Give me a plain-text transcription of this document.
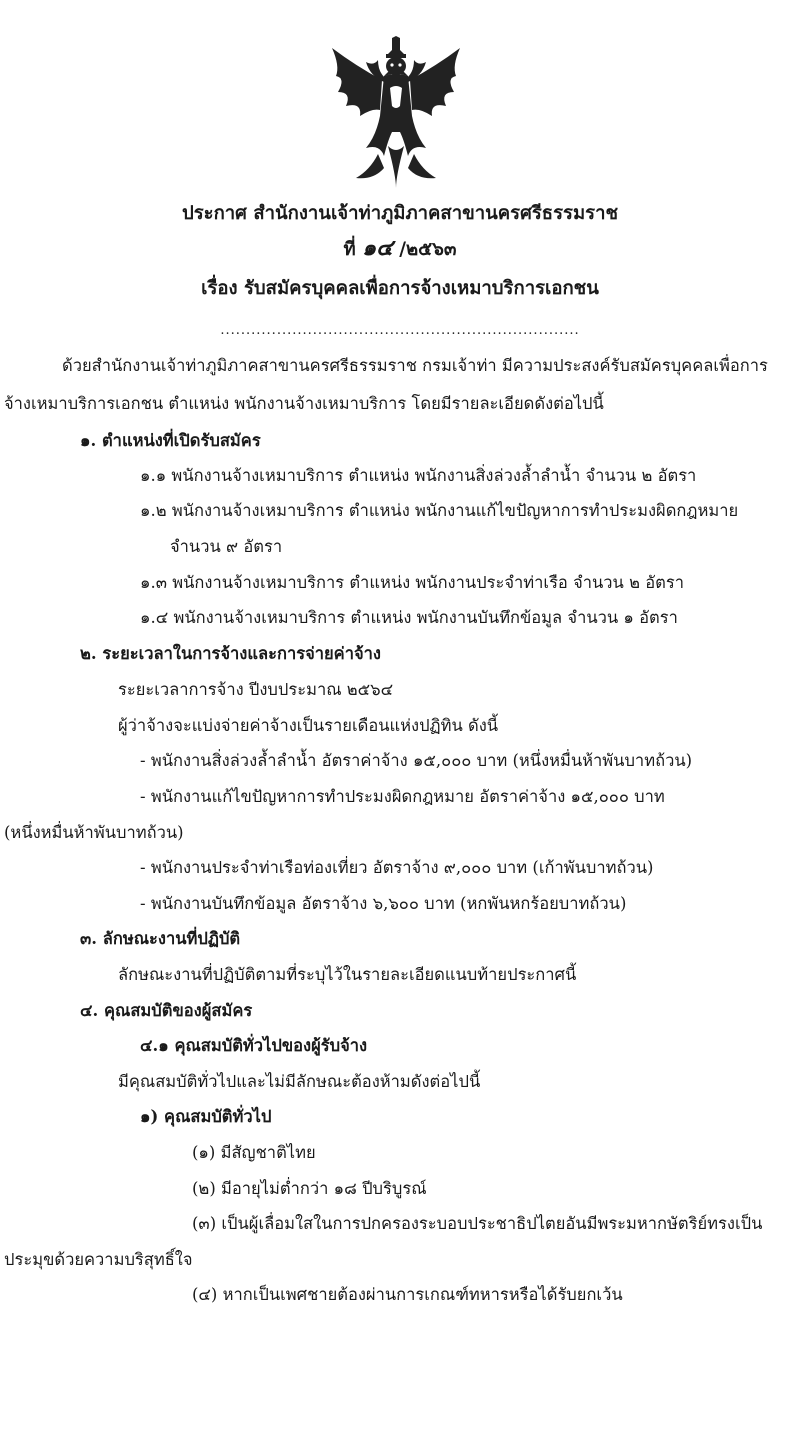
ประกาศ สำนักงานเจ้าท่าภูมิภาคสาขานครศรีธรรมราช
ที่ ๑๔ /๒๕๖๓
เรื่อง รับสมัครบุคคลเพื่อการจ้างเหมาบริการเอกชน
......................................................................
ด้วยสำนักงานเจ้าท่าภูมิภาคสาขานครศรีธรรมราช กรมเจ้าท่า มีความประสงค์รับสมัครบุคคลเพื่อการ
จ้างเหมาบริการเอกชน ตำแหน่ง พนักงานจ้างเหมาบริการ โดยมีรายละเอียดดังต่อไปนี้
๑. ตำแหน่งที่เปิดรับสมัคร
๑.๑ พนักงานจ้างเหมาบริการ ตำแหน่ง พนักงานสิ่งล่วงล้ำลำน้ำ จำนวน ๒ อัตรา
๑.๒ พนักงานจ้างเหมาบริการ ตำแหน่ง พนักงานแก้ไขปัญหาการทำประมงผิดกฎหมาย
จำนวน ๙ อัตรา
๑.๓ พนักงานจ้างเหมาบริการ ตำแหน่ง พนักงานประจำท่าเรือ จำนวน ๒ อัตรา
๑.๔ พนักงานจ้างเหมาบริการ ตำแหน่ง พนักงานบันทึกข้อมูล จำนวน ๑ อัตรา
๒. ระยะเวลาในการจ้างและการจ่ายค่าจ้าง
ระยะเวลาการจ้าง ปีงบประมาณ ๒๕๖๔
ผู้ว่าจ้างจะแบ่งจ่ายค่าจ้างเป็นรายเดือนแห่งปฏิทิน ดังนี้
- พนักงานสิ่งล่วงล้ำลำน้ำ อัตราค่าจ้าง ๑๕,๐๐๐ บาท (หนึ่งหมื่นห้าพันบาทถ้วน)
- พนักงานแก้ไขปัญหาการทำประมงผิดกฎหมาย อัตราค่าจ้าง ๑๕,๐๐๐ บาท
(หนึ่งหมื่นห้าพันบาทถ้วน)
- พนักงานประจำท่าเรือท่องเที่ยว อัตราจ้าง ๙,๐๐๐ บาท (เก้าพันบาทถ้วน)
- พนักงานบันทึกข้อมูล อัตราจ้าง ๖,๖๐๐ บาท (หกพันหกร้อยบาทถ้วน)
๓. ลักษณะงานที่ปฏิบัติ
ลักษณะงานที่ปฏิบัติตามที่ระบุไว้ในรายละเอียดแนบท้ายประกาศนี้
๔. คุณสมบัติของผู้สมัคร
๔.๑ คุณสมบัติทั่วไปของผู้รับจ้าง
มีคุณสมบัติทั่วไปและไม่มีลักษณะต้องห้ามดังต่อไปนี้
๑) คุณสมบัติทั่วไป
(๑) มีสัญชาติไทย
(๒) มีอายุไม่ต่ำกว่า ๑๘ ปีบริบูรณ์
(๓) เป็นผู้เลื่อมใสในการปกครองระบอบประชาธิปไตยอันมีพระมหากษัตริย์ทรงเป็น
ประมุขด้วยความบริสุทธิ์ใจ
(๔) หากเป็นเพศชายต้องผ่านการเกณฑ์ทหารหรือได้รับยกเว้น
